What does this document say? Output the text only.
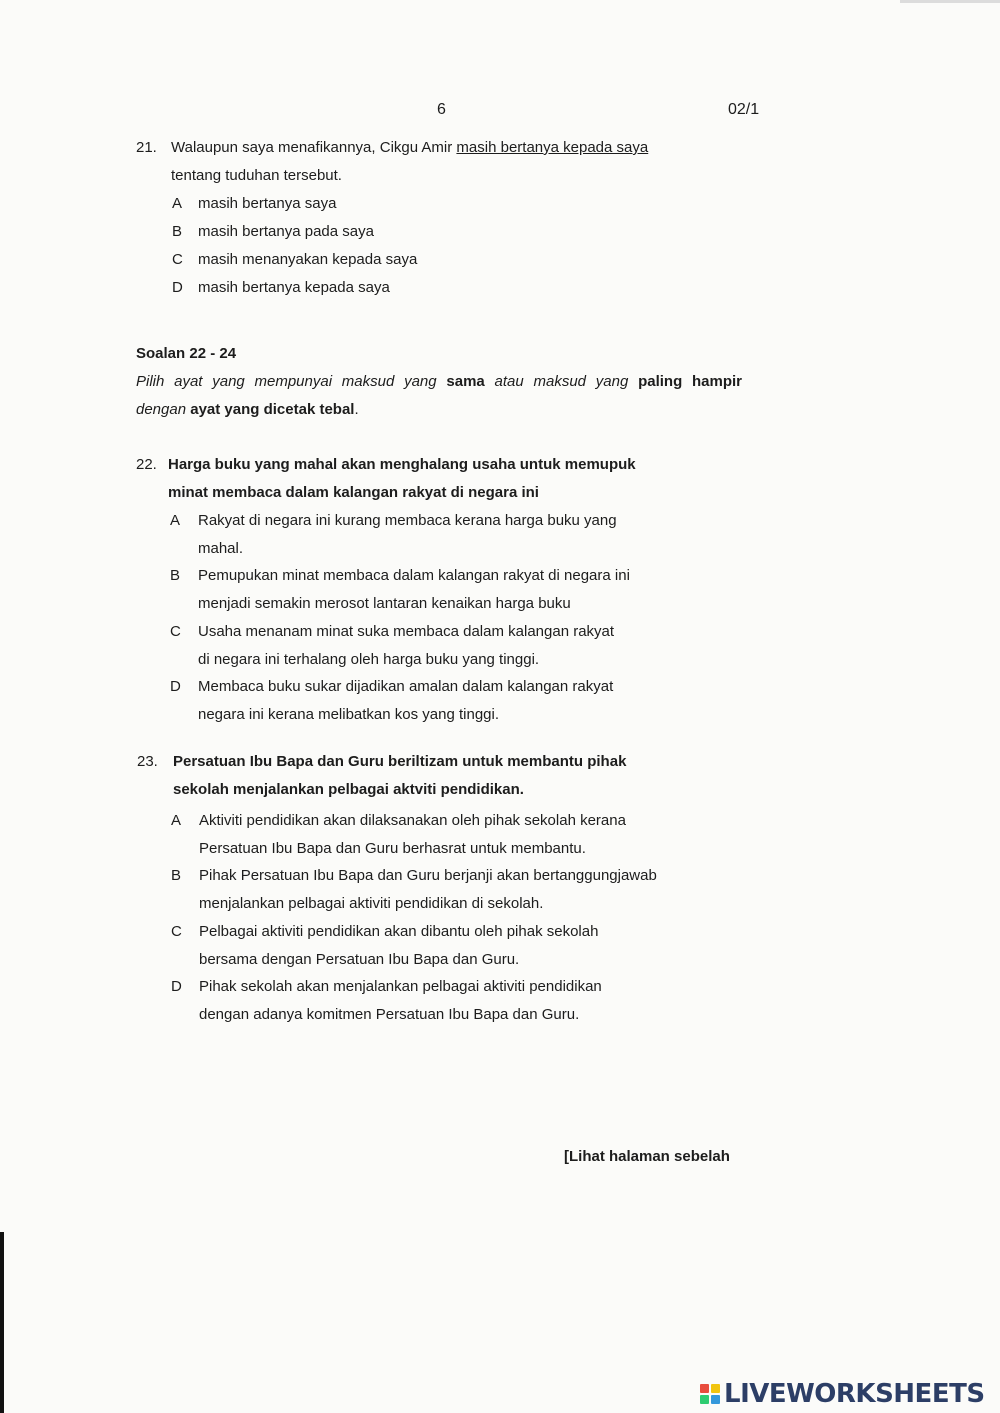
6	02/1
21. Walaupun saya menafikannya, Cikgu Amir masih bertanya kepada saya
tentang tuduhan tersebut.
A masih bertanya saya
B masih bertanya pada saya
C masih menanyakan kepada saya
D masih bertanya kepada saya
Soalan 22 - 24
Pilih ayat yang mempunyai maksud yang sama atau maksud yang paling hampir
dengan ayat yang dicetak tebal.
22. Harga buku yang mahal akan menghalang usaha untuk memupuk
minat membaca dalam kalangan rakyat di negara ini
A Rakyat di negara ini kurang membaca kerana harga buku yang
mahal.
B Pemupukan minat membaca dalam kalangan rakyat di negara ini
menjadi semakin merosot lantaran kenaikan harga buku
C Usaha menanam minat suka membaca dalam kalangan rakyat
di negara ini terhalang oleh harga buku yang tinggi.
D Membaca buku sukar dijadikan amalan dalam kalangan rakyat
negara ini kerana melibatkan kos yang tinggi.
23. Persatuan Ibu Bapa dan Guru beriltizam untuk membantu pihak
sekolah menjalankan pelbagai aktviti pendidikan.
A Aktiviti pendidikan akan dilaksanakan oleh pihak sekolah kerana
Persatuan Ibu Bapa dan Guru berhasrat untuk membantu.
B Pihak Persatuan Ibu Bapa dan Guru berjanji akan bertanggungjawab
menjalankan pelbagai aktiviti pendidikan di sekolah.
C Pelbagai aktiviti pendidikan akan dibantu oleh pihak sekolah
bersama dengan Persatuan Ibu Bapa dan Guru.
D Pihak sekolah akan menjalankan pelbagai aktiviti pendidikan
dengan adanya komitmen Persatuan Ibu Bapa dan Guru.
[Lihat halaman sebelah
LIVEWORKSHEETS
